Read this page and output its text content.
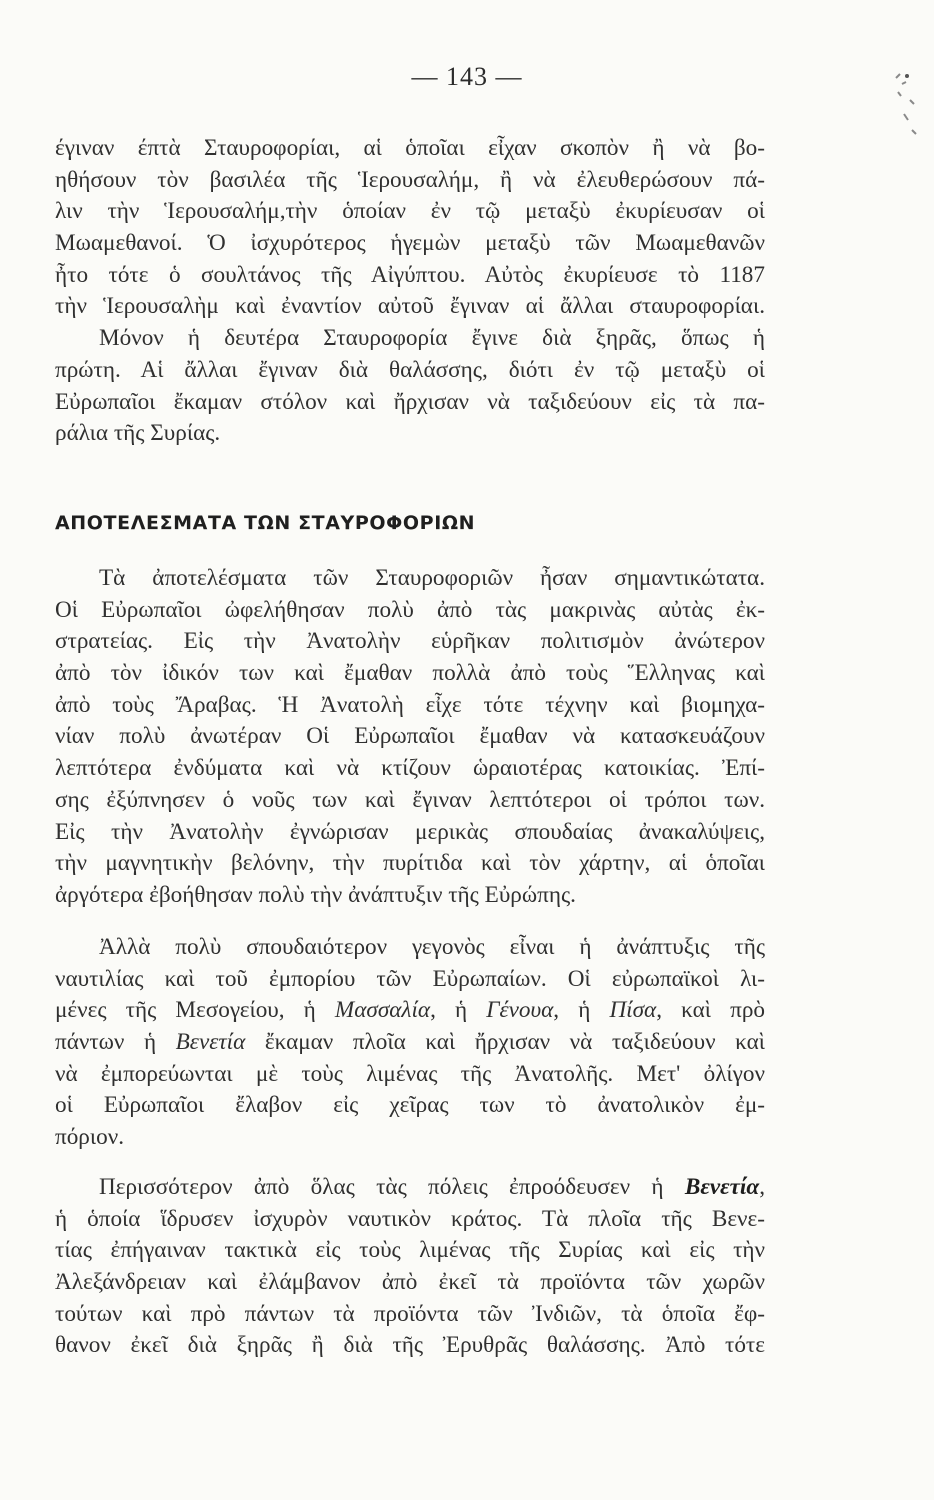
— 143 —
έγιναν έπτὰ Σταυροφορίαι, αἱ ὁποῖαι εἶχαν σκοπὸν ἢ νὰ βο-
ηθήσουν τὸν βασιλέα τῆς Ἱερουσαλήμ, ἢ νὰ ἐλευθερώσουν πά-
λιν τὴν Ἱερουσαλήμ,τὴν ὁποίαν ἐν τῷ μεταξὺ ἐκυρίευσαν οἱ
Μωαμεθανοί. Ὁ ἰσχυρότερος ἡγεμὼν μεταξὺ τῶν Μωαμεθανῶν
ἦτο τότε ὁ σουλτάνος τῆς Αἰγύπτου. Αὐτὸς ἐκυρίευσε τὸ 1187
τὴν Ἱερουσαλὴμ καὶ ἐναντίον αὐτοῦ ἔγιναν αἱ ἄλλαι σταυροφορίαι.
Μόνον ἡ δευτέρα Σταυροφορία ἔγινε διὰ ξηρᾶς, ὅπως ἡ
πρώτη. Αἱ ἄλλαι ἔγιναν διὰ θαλάσσης, διότι ἐν τῷ μεταξὺ οἱ
Εὐρωπαῖοι ἔκαμαν στόλον καὶ ἤρχισαν νὰ ταξιδεύουν εἰς τὰ πα-
ράλια τῆς Συρίας.
ΑΠΟΤΕΛΕΣΜΑΤΑ ΤΩΝ ΣΤΑΥΡΟΦΟΡΙΩΝ
Τὰ ἀποτελέσματα τῶν Σταυροφοριῶν ἦσαν σημαντικώτατα.
Οἱ Εὐρωπαῖοι ὠφελήθησαν πολὺ ἀπὸ τὰς μακρινὰς αὐτὰς ἐκ-
στρατείας. Εἰς τὴν Ἀνατολὴν εὑρῆκαν πολιτισμὸν ἀνώτερον
ἀπὸ τὸν ἰδικόν των καὶ ἔμαθαν πολλὰ ἀπὸ τοὺς Ἕλληνας καὶ
ἀπὸ τοὺς Ἄραβας. Ἡ Ἀνατολὴ εἶχε τότε τέχνην καὶ βιομηχα-
νίαν πολὺ ἀνωτέραν Οἱ Εὐρωπαῖοι ἔμαθαν νὰ κατασκευάζουν
λεπτότερα ἐνδύματα καὶ νὰ κτίζουν ὡραιοτέρας κατοικίας. Ἐπί-
σης ἐξύπνησεν ὁ νοῦς των καὶ ἔγιναν λεπτότεροι οἱ τρόποι των.
Εἰς τὴν Ἀνατολὴν ἐγνώρισαν μερικὰς σπουδαίας ἀνακαλύψεις,
τὴν μαγνητικὴν βελόνην, τὴν πυρίτιδα καὶ τὸν χάρτην, αἱ ὁποῖαι
ἀργότερα ἐβοήθησαν πολὺ τὴν ἀνάπτυξιν τῆς Εὐρώπης.
Ἀλλὰ πολὺ σπουδαιότερον γεγονὸς εἶναι ἡ ἀνάπτυξις τῆς
ναυτιλίας καὶ τοῦ ἐμπορίου τῶν Εὐρωπαίων. Οἱ εὐρωπαϊκοὶ λι-
μένες τῆς Μεσογείου, ἡ Μασσαλία, ἡ Γένουα, ἡ Πίσα, καὶ πρὸ
πάντων ἡ Βενετία ἔκαμαν πλοῖα καὶ ἤρχισαν νὰ ταξιδεύουν καὶ
νὰ ἐμπορεύωνται μὲ τοὺς λιμένας τῆς Ἀνατολῆς. Μετ' ὀλίγον
οἱ Εὐρωπαῖοι ἔλαβον εἰς χεῖρας των τὸ ἀνατολικὸν ἐμ-
πόριον.
Περισσότερον ἀπὸ ὅλας τὰς πόλεις ἐπροόδευσεν ἡ Βενετία,
ἡ ὁποία ἵδρυσεν ἰσχυρὸν ναυτικὸν κράτος. Τὰ πλοῖα τῆς Βενε-
τίας ἐπήγαιναν τακτικὰ εἰς τοὺς λιμένας τῆς Συρίας καὶ εἰς τὴν
Ἀλεξάνδρειαν καὶ ἐλάμβανον ἀπὸ ἐκεῖ τὰ προϊόντα τῶν χωρῶν
τούτων καὶ πρὸ πάντων τὰ προϊόντα τῶν Ἰνδιῶν, τὰ ὁποῖα ἔφ-
θανον ἐκεῖ διὰ ξηρᾶς ἢ διὰ τῆς Ἐρυθρᾶς θαλάσσης. Ἀπὸ τότε
